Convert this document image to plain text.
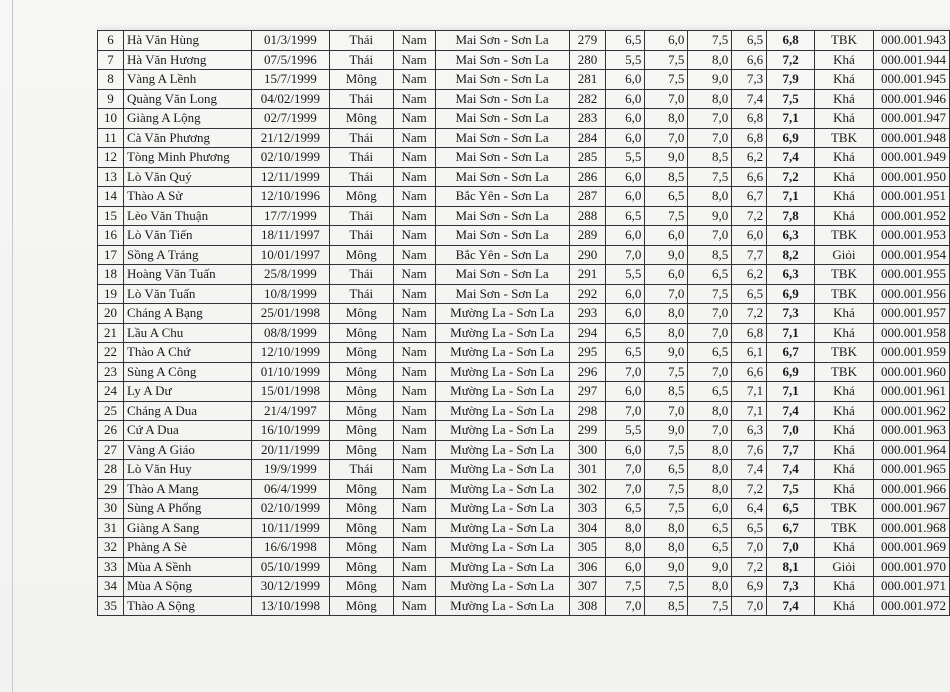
6	Hà Văn Hùng	01/3/1999	Thái	Nam	Mai Sơn - Sơn La	279	6,5	6,0	7,5	6,5	6,8	TBK	000.001.943
7	Hà Văn Hương	07/5/1996	Thái	Nam	Mai Sơn - Sơn La	280	5,5	7,5	8,0	6,6	7,2	Khá	000.001.944
8	Vàng A Lềnh	15/7/1999	Mông	Nam	Mai Sơn - Sơn La	281	6,0	7,5	9,0	7,3	7,9	Khá	000.001.945
9	Quàng Văn Long	04/02/1999	Thái	Nam	Mai Sơn - Sơn La	282	6,0	7,0	8,0	7,4	7,5	Khá	000.001.946
10	Giàng A Lộng	02/7/1999	Mông	Nam	Mai Sơn - Sơn La	283	6,0	8,0	7,0	6,8	7,1	Khá	000.001.947
11	Cà Văn Phương	21/12/1999	Thái	Nam	Mai Sơn - Sơn La	284	6,0	7,0	7,0	6,8	6,9	TBK	000.001.948
12	Tòng Minh Phương	02/10/1999	Thái	Nam	Mai Sơn - Sơn La	285	5,5	9,0	8,5	6,2	7,4	Khá	000.001.949
13	Lò Văn Quý	12/11/1999	Thái	Nam	Mai Sơn - Sơn La	286	6,0	8,5	7,5	6,6	7,2	Khá	000.001.950
14	Thào A Sử	12/10/1996	Mông	Nam	Bắc Yên - Sơn La	287	6,0	6,5	8,0	6,7	7,1	Khá	000.001.951
15	Lèo Văn Thuận	17/7/1999	Thái	Nam	Mai Sơn - Sơn La	288	6,5	7,5	9,0	7,2	7,8	Khá	000.001.952
16	Lò Văn Tiến	18/11/1997	Thái	Nam	Mai Sơn - Sơn La	289	6,0	6,0	7,0	6,0	6,3	TBK	000.001.953
17	Sồng A Tráng	10/01/1997	Mông	Nam	Bắc Yên - Sơn La	290	7,0	9,0	8,5	7,7	8,2	Giỏi	000.001.954
18	Hoàng Văn Tuấn	25/8/1999	Thái	Nam	Mai Sơn - Sơn La	291	5,5	6,0	6,5	6,2	6,3	TBK	000.001.955
19	Lò Văn Tuấn	10/8/1999	Thái	Nam	Mai Sơn - Sơn La	292	6,0	7,0	7,5	6,5	6,9	TBK	000.001.956
20	Cháng A Bạng	25/01/1998	Mông	Nam	Mường La - Sơn La	293	6,0	8,0	7,0	7,2	7,3	Khá	000.001.957
21	Lầu A Chu	08/8/1999	Mông	Nam	Mường La - Sơn La	294	6,5	8,0	7,0	6,8	7,1	Khá	000.001.958
22	Thào A Chứ	12/10/1999	Mông	Nam	Mường La - Sơn La	295	6,5	9,0	6,5	6,1	6,7	TBK	000.001.959
23	Sùng A Công	01/10/1999	Mông	Nam	Mường La - Sơn La	296	7,0	7,5	7,0	6,6	6,9	TBK	000.001.960
24	Ly A Dư	15/01/1998	Mông	Nam	Mường La - Sơn La	297	6,0	8,5	6,5	7,1	7,1	Khá	000.001.961
25	Cháng A Dua	21/4/1997	Mông	Nam	Mường La - Sơn La	298	7,0	7,0	8,0	7,1	7,4	Khá	000.001.962
26	Cứ A Dua	16/10/1999	Mông	Nam	Mường La - Sơn La	299	5,5	9,0	7,0	6,3	7,0	Khá	000.001.963
27	Vàng A Giáo	20/11/1999	Mông	Nam	Mường La - Sơn La	300	6,0	7,5	8,0	7,6	7,7	Khá	000.001.964
28	Lò Văn Huy	19/9/1999	Thái	Nam	Mường La - Sơn La	301	7,0	6,5	8,0	7,4	7,4	Khá	000.001.965
29	Thào A Mang	06/4/1999	Mông	Nam	Mường La - Sơn La	302	7,0	7,5	8,0	7,2	7,5	Khá	000.001.966
30	Sùng A Phổng	02/10/1999	Mông	Nam	Mường La - Sơn La	303	6,5	7,5	6,0	6,4	6,5	TBK	000.001.967
31	Giàng A Sang	10/11/1999	Mông	Nam	Mường La - Sơn La	304	8,0	8,0	6,5	6,5	6,7	TBK	000.001.968
32	Phàng A Sè	16/6/1998	Mông	Nam	Mường La - Sơn La	305	8,0	8,0	6,5	7,0	7,0	Khá	000.001.969
33	Mùa A Sềnh	05/10/1999	Mông	Nam	Mường La - Sơn La	306	6,0	9,0	9,0	7,2	8,1	Giỏi	000.001.970
34	Mùa A Sộng	30/12/1999	Mông	Nam	Mường La - Sơn La	307	7,5	7,5	8,0	6,9	7,3	Khá	000.001.971
35	Thào A Sộng	13/10/1998	Mông	Nam	Mường La - Sơn La	308	7,0	8,5	7,5	7,0	7,4	Khá	000.001.972
